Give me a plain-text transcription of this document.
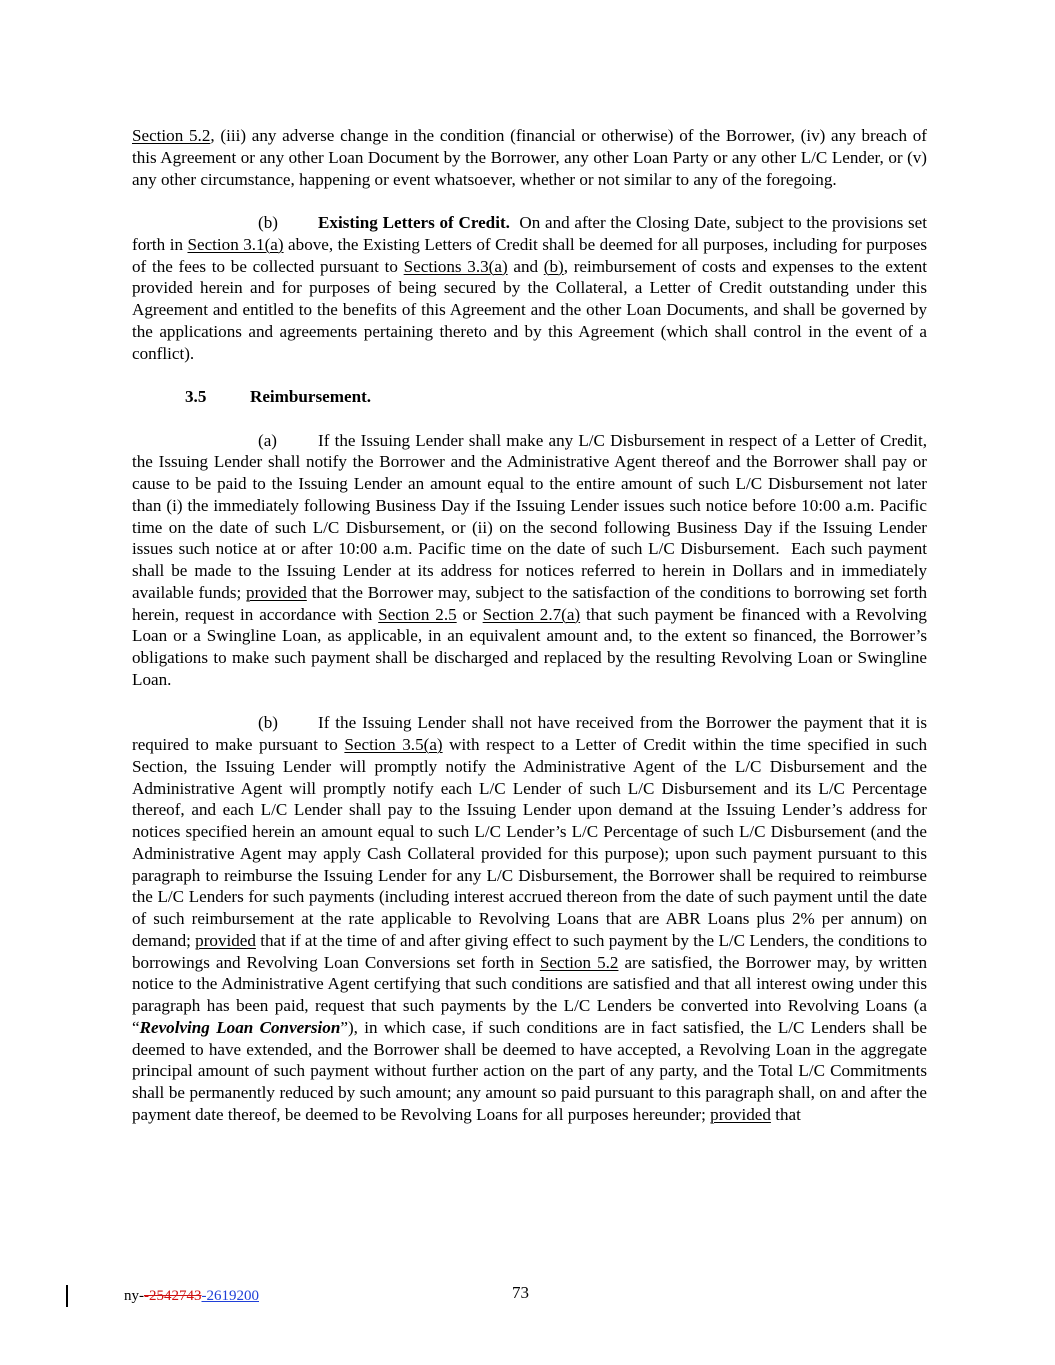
Section 5.2, (iii) any adverse change in the condition (financial or otherwise) of the Borrower, (iv) any breach of this Agreement or any other Loan Document by the Borrower, any other Loan Party or any other L/C Lender, or (v) any other circumstance, happening or event whatsoever, whether or not similar to any of the foregoing.

(b) Existing Letters of Credit.  On and after the Closing Date, subject to the provisions set forth in Section 3.1(a) above, the Existing Letters of Credit shall be deemed for all purposes, including for purposes of the fees to be collected pursuant to Sections 3.3(a) and (b), reimbursement of costs and expenses to the extent provided herein and for purposes of being secured by the Collateral, a Letter of Credit outstanding under this Agreement and entitled to the benefits of this Agreement and the other Loan Documents, and shall be governed by the applications and agreements pertaining thereto and by this Agreement (which shall control in the event of a conflict).

3.5	Reimbursement.

(a) If the Issuing Lender shall make any L/C Disbursement in respect of a Letter of Credit, the Issuing Lender shall notify the Borrower and the Administrative Agent thereof and the Borrower shall pay or cause to be paid to the Issuing Lender an amount equal to the entire amount of such L/C Disbursement not later than (i) the immediately following Business Day if the Issuing Lender issues such notice before 10:00 a.m. Pacific time on the date of such L/C Disbursement, or (ii) on the second following Business Day if the Issuing Lender issues such notice at or after 10:00 a.m. Pacific time on the date of such L/C Disbursement.  Each such payment shall be made to the Issuing Lender at its address for notices referred to herein in Dollars and in immediately available funds; provided that the Borrower may, subject to the satisfaction of the conditions to borrowing set forth herein, request in accordance with Section 2.5 or Section 2.7(a) that such payment be financed with a Revolving Loan or a Swingline Loan, as applicable, in an equivalent amount and, to the extent so financed, the Borrower’s obligations to make such payment shall be discharged and replaced by the resulting Revolving Loan or Swingline Loan.

(b) If the Issuing Lender shall not have received from the Borrower the payment that it is required to make pursuant to Section 3.5(a) with respect to a Letter of Credit within the time specified in such Section, the Issuing Lender will promptly notify the Administrative Agent of the L/C Disbursement and the Administrative Agent will promptly notify each L/C Lender of such L/C Disbursement and its L/C Percentage thereof, and each L/C Lender shall pay to the Issuing Lender upon demand at the Issuing Lender’s address for notices specified herein an amount equal to such L/C Lender’s L/C Percentage of such L/C Disbursement (and the Administrative Agent may apply Cash Collateral provided for this purpose); upon such payment pursuant to this paragraph to reimburse the Issuing Lender for any L/C Disbursement, the Borrower shall be required to reimburse the L/C Lenders for such payments (including interest accrued thereon from the date of such payment until the date of such reimbursement at the rate applicable to Revolving Loans that are ABR Loans plus 2% per annum) on demand; provided that if at the time of and after giving effect to such payment by the L/C Lenders, the conditions to borrowings and Revolving Loan Conversions set forth in Section 5.2 are satisfied, the Borrower may, by written notice to the Administrative Agent certifying that such conditions are satisfied and that all interest owing under this paragraph has been paid, request that such payments by the L/C Lenders be converted into Revolving Loans (a “Revolving Loan Conversion”), in which case, if such conditions are in fact satisfied, the L/C Lenders shall be deemed to have extended, and the Borrower shall be deemed to have accepted, a Revolving Loan in the aggregate principal amount of such payment without further action on the part of any party, and the Total L/C Commitments shall be permanently reduced by such amount; any amount so paid pursuant to this paragraph shall, on and after the payment date thereof, be deemed to be Revolving Loans for all purposes hereunder; provided that

ny--2542743-2619200	73
